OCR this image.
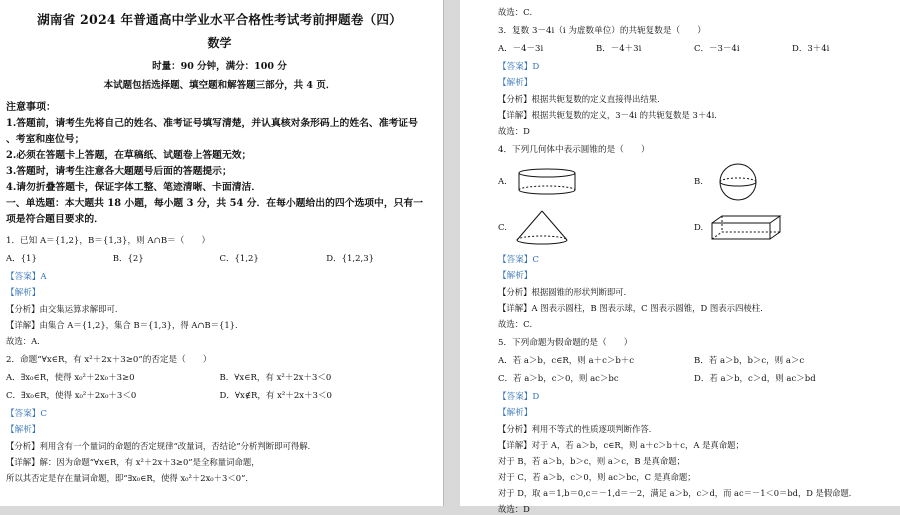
湖南省 2024 年普通高中学业水平合格性考试考前押题卷（四）
数学
时量：90 分钟，满分：100 分
本试题包括选择题、填空题和解答题三部分，共 4 页．
注意事项：
1.答题前，请考生先将自己的姓名、准考证号填写清楚，并认真核对条形码上的姓名、准考证号
、考室和座位号；
2.必须在答题卡上答题，在草稿纸、试题卷上答题无效；
3.答题时，请考生注意各大题题号后面的答题提示；
4.请勿折叠答题卡，保证字体工整、笔迹清晰、卡面清洁．
一、单选题：本大题共 18 小题，每小题 3 分，共 54 分．在每小题给出的四个选项中，只有一
项是符合题目要求的．
1．已知 A＝{1,2}，B＝{1,3}，则 A∩B＝（　　）
A．{1}	B．{2}	C．{1,2}	D．{1,2,3}
【答案】A
【解析】
【分析】由交集运算求解即可．
【详解】由集合 A＝{1,2}，集合 B＝{1,3}，得 A∩B＝{1}．
故选：A．
2．命题“∀x∈R，有 x²＋2x＋3≥0”的否定是（　　）
A．∃x₀∈R，使得 x₀²＋2x₀＋3≥0	B．∀x∈R，有 x²＋2x＋3＜0
C．∃x₀∈R，使得 x₀²＋2x₀＋3＜0	D．∀x∉R，有 x²＋2x＋3＜0
【答案】C
【解析】
【分析】利用含有一个量词的命题的否定规律“改量词，否结论”分析判断即可得解．
【详解】解：因为命题“∀x∈R，有 x²＋2x＋3≥0”是全称量词命题，
所以其否定是存在量词命题，即“∃x₀∈R，使得 x₀²＋2x₀＋3＜0”．
故选：C．
3．复数 3－4i（i 为虚数单位）的共轭复数是（　　）
A．－4－3i	B．－4＋3i	C．－3－4i	D．3＋4i
【答案】D
【解析】
【分析】根据共轭复数的定义直接得出结果．
【详解】根据共轭复数的定义，3－4i 的共轭复数是 3＋4i．
故选：D
4．下列几何体中表示圆锥的是（　　）
A.	B.
C.	D.
【答案】C
【解析】
【分析】根据圆锥的形状判断即可．
【详解】A 图表示圆柱，B 图表示球，C 图表示圆锥，D 图表示四棱柱．
故选：C．
5．下列命题为假命题的是（　　）
A．若 a＞b，c∈R，则 a＋c＞b＋c	B．若 a＞b，b＞c，则 a＞c
C．若 a＞b，c＞0，则 ac＞bc	D．若 a＞b，c＞d，则 ac＞bd
【答案】D
【解析】
【分析】利用不等式的性质逐项判断作答．
【详解】对于 A，若 a＞b，c∈R，则 a＋c＞b＋c，A 是真命题；
对于 B，若 a＞b，b＞c，则 a＞c，B 是真命题；
对于 C，若 a＞b，c＞0，则 ac＞bc，C 是真命题；
对于 D，取 a＝1,b＝0,c＝－1,d＝－2，满足 a＞b，c＞d，而 ac＝－1＜0＝bd，D 是假命题．
故选：D
